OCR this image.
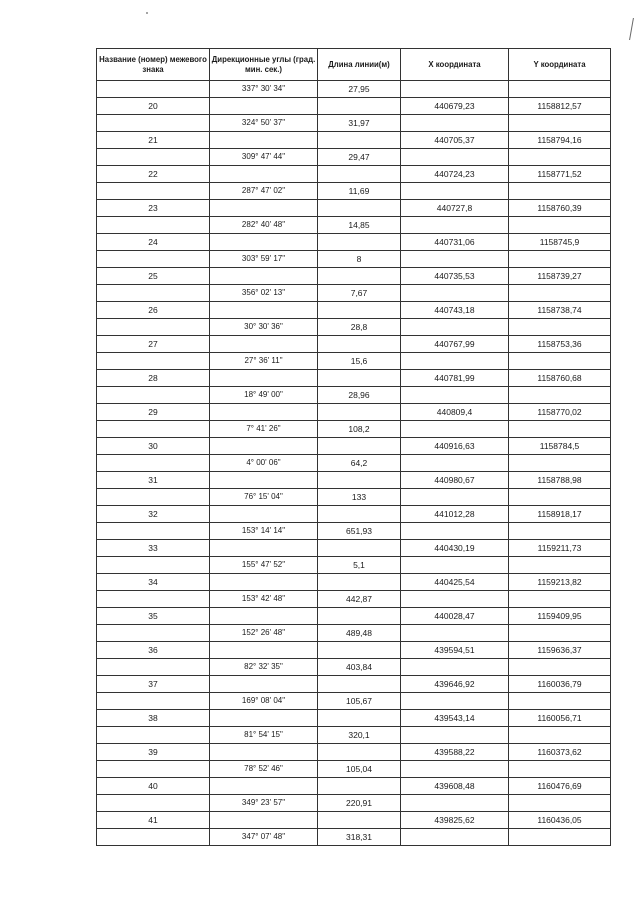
Название (номер) межевого знака	Дирекционные углы (град. мин. сек.)	Длина линии(м)	X координата	Y координата
	337° 30' 34"	27,95		
20			440679,23	1158812,57
	324° 50' 37"	31,97		
21			440705,37	1158794,16
	309° 47' 44"	29,47		
22			440724,23	1158771,52
	287° 47' 02"	11,69		
23			440727,8	1158760,39
	282° 40' 48"	14,85		
24			440731,06	1158745,9
	303° 59' 17"	8		
25			440735,53	1158739,27
	356° 02' 13"	7,67		
26			440743,18	1158738,74
	30° 30' 36"	28,8		
27			440767,99	1158753,36
	27° 36' 11"	15,6		
28			440781,99	1158760,68
	18° 49' 00"	28,96		
29			440809,4	1158770,02
	7° 41' 26"	108,2		
30			440916,63	1158784,5
	4° 00' 06"	64,2		
31			440980,67	1158788,98
	76° 15' 04"	133		
32			441012,28	1158918,17
	153° 14' 14"	651,93		
33			440430,19	1159211,73
	155° 47' 52"	5,1		
34			440425,54	1159213,82
	153° 42' 48"	442,87		
35			440028,47	1159409,95
	152° 26' 48"	489,48		
36			439594,51	1159636,37
	82° 32' 35"	403,84		
37			439646,92	1160036,79
	169° 08' 04"	105,67		
38			439543,14	1160056,71
	81° 54' 15"	320,1		
39			439588,22	1160373,62
	78° 52' 46"	105,04		
40			439608,48	1160476,69
	349° 23' 57"	220,91		
41			439825,62	1160436,05
	347° 07' 48"	318,31		
